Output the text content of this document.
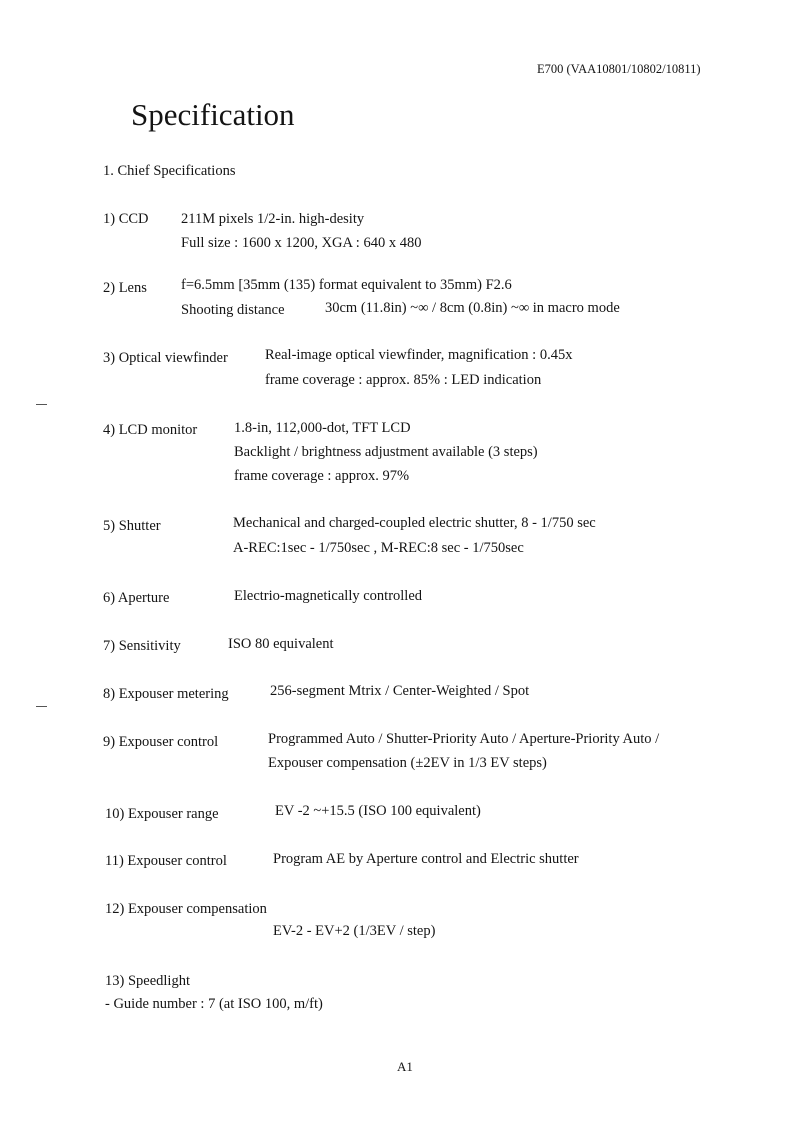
E700 (VAA10801/10802/10811)
Specification
1. Chief Specifications
1) CCD 211M pixels 1/2-in. high-desity
Full size : 1600 x 1200, XGA : 640 x 480
2) Lens f=6.5mm [35mm (135) format equivalent to 35mm) F2.6
Shooting distance	30cm (11.8in) ~∞ / 8cm (0.8in) ~∞ in macro mode
3) Optical viewfinder	Real-image optical viewfinder, magnification : 0.45x
frame coverage : approx. 85% : LED indication
4) LCD monitor	1.8-in, 112,000-dot, TFT LCD
Backlight / brightness adjustment available (3 steps)
frame coverage : approx. 97%
5) Shutter	Mechanical and charged-coupled electric shutter, 8 - 1/750 sec
A-REC:1sec - 1/750sec , M-REC:8 sec - 1/750sec
6) Aperture	Electrio-magnetically controlled
7) Sensitivity	ISO 80 equivalent
8) Expouser metering	256-segment Mtrix / Center-Weighted / Spot
9) Expouser control	Programmed Auto / Shutter-Priority Auto / Aperture-Priority Auto /
Expouser compensation (±2EV in 1/3 EV steps)
10) Expouser range	EV -2 ~+15.5 (ISO 100 equivalent)
11) Expouser control	Program AE by Aperture control and Electric shutter
12) Expouser compensation
EV-2 - EV+2 (1/3EV / step)
13) Speedlight
- Guide number : 7 (at ISO 100, m/ft)
A1
